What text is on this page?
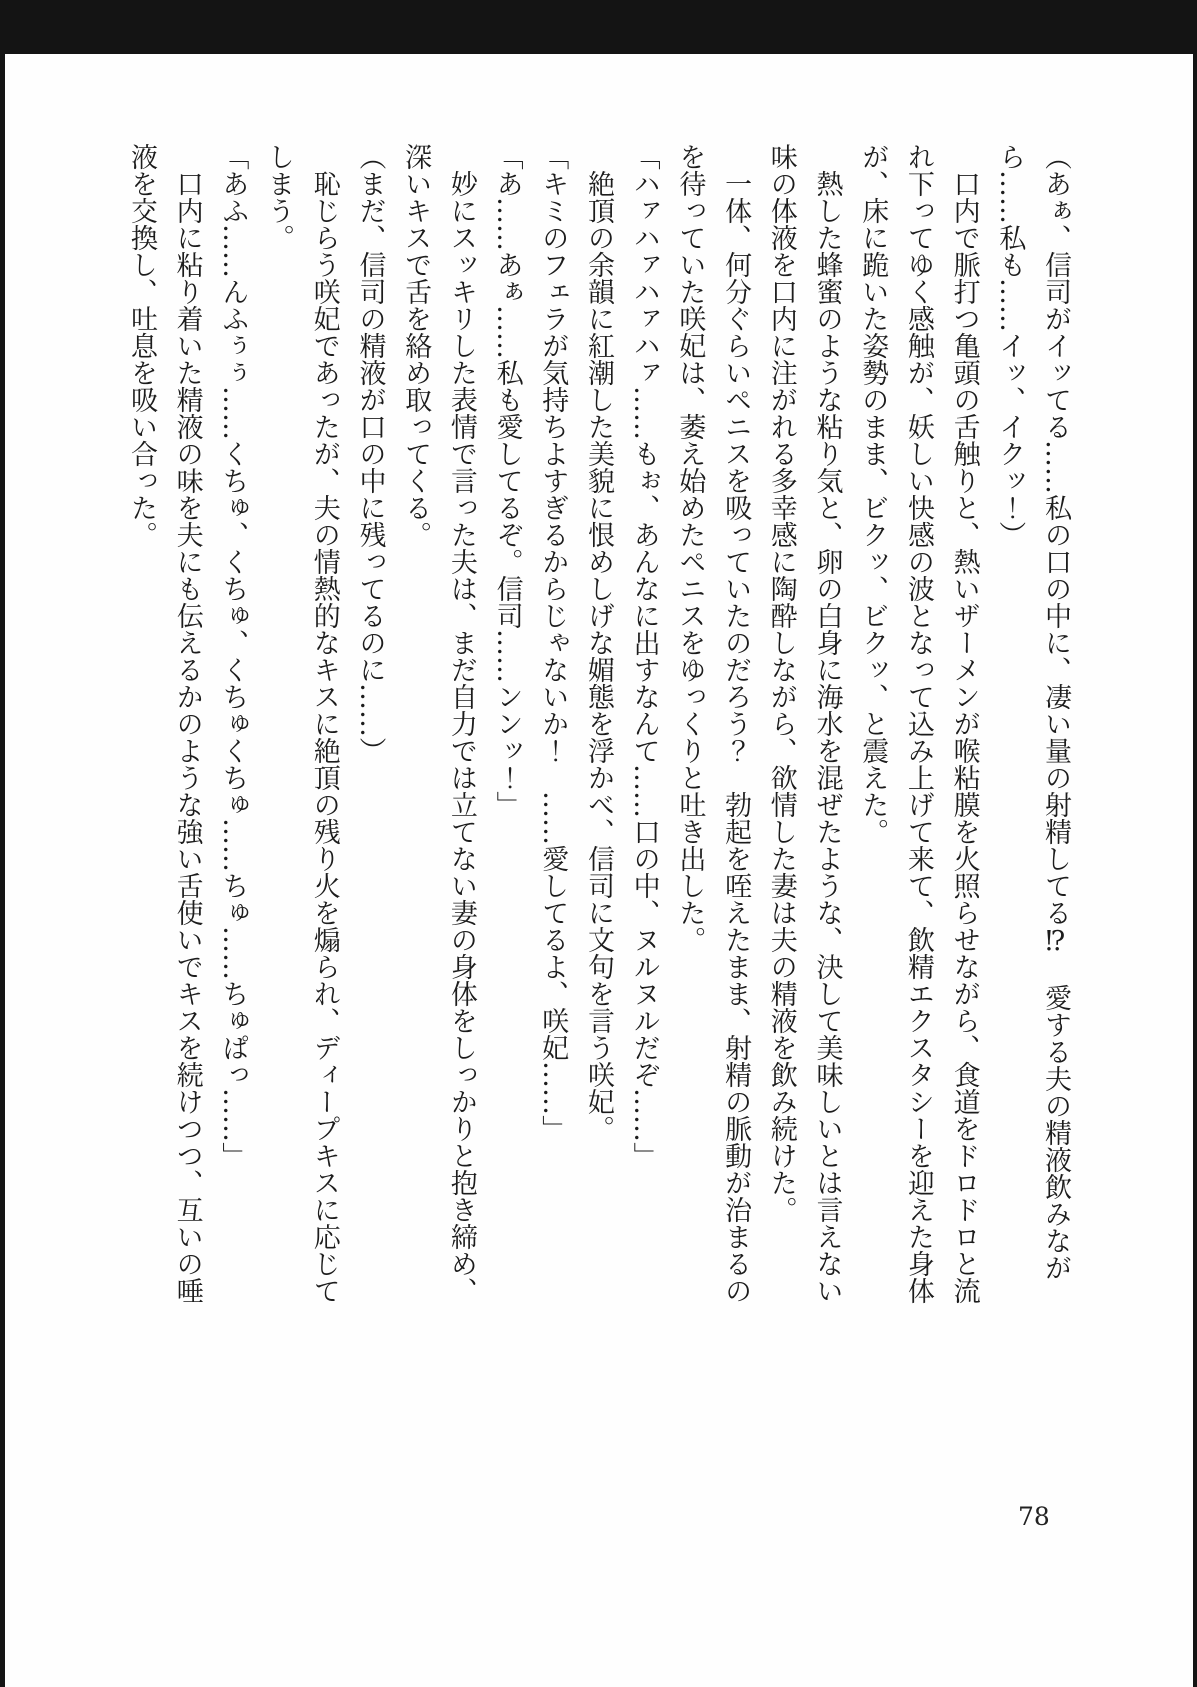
（あぁ、信司がイッてる……私の口の中に、凄い量の射精してる⁉　愛する夫の精液飲みながら……私も……イッ、イクッ！）

口内で脈打つ亀頭の舌触りと、熱いザーメンが喉粘膜を火照らせながら、食道をドロドロと流れ下ってゆく感触が、妖しい快感の波となって込み上げて来て、飲精エクスタシーを迎えた身体が、床に跪いた姿勢のまま、ビクッ、ビクッ、と震えた。

熱した蜂蜜のような粘り気と、卵の白身に海水を混ぜたような、決して美味しいとは言えない味の体液を口内に注がれる多幸感に陶酔しながら、欲情した妻は夫の精液を飲み続けた。

一体、何分ぐらいペニスを吸っていたのだろう？　勃起を咥えたまま、射精の脈動が治まるのを待っていた咲妃は、萎え始めたペニスをゆっくりと吐き出した。

「ハァハァハァハァ……もぉ、あんなに出すなんて……口の中、ヌルヌルだぞ……」

絶頂の余韻に紅潮した美貌に恨めしげな媚態を浮かべ、信司に文句を言う咲妃。

「キミのフェラが気持ちよすぎるからじゃないか！　……愛してるよ、咲妃……」

「あ……あぁ……私も愛してるぞ。信司……ンンッ！」

妙にスッキリした表情で言った夫は、まだ自力では立てない妻の身体をしっかりと抱き締め、深いキスで舌を絡め取ってくる。

（まだ、信司の精液が口の中に残ってるのに……）

恥じらう咲妃であったが、夫の情熱的なキスに絶頂の残り火を煽られ、ディープキスに応じてしまう。

「あふ……んふぅぅ……くちゅ、くちゅ、くちゅくちゅ……ちゅ……ちゅぱっ……」

口内に粘り着いた精液の味を夫にも伝えるかのような強い舌使いでキスを続けつつ、互いの唾液を交換し、吐息を吸い合った。

78
